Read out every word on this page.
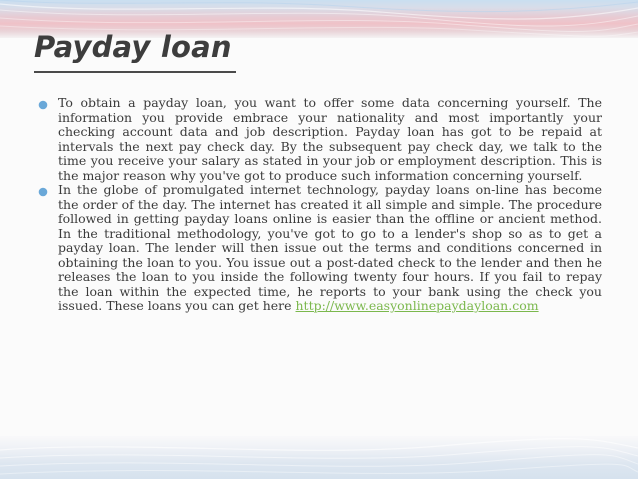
Payday loan
To obtain a payday loan, you want to offer some data concerning yourself. The information you provide embrace your nationality and most importantly your checking account data and job description. Payday loan has got to be repaid at intervals the next pay check day. By the subsequent pay check day, we talk to the time you receive your salary as stated in your job or employment description. This is the major reason why you've got to produce such information concerning yourself.
In the globe of promulgated internet technology, payday loans on-line has become the order of the day. The internet has created it all simple and simple. The procedure followed in getting payday loans online is easier than the offline or ancient method. In the traditional methodology, you've got to go to a lender's shop so as to get a payday loan. The lender will then issue out the terms and conditions concerned in obtaining the loan to you. You issue out a post-dated check to the lender and then he releases the loan to you inside the following twenty four hours. If you fail to repay the loan within the expected time, he reports to your bank using the check you issued. These loans you can get here http://www.easyonlinepaydayloan.com
